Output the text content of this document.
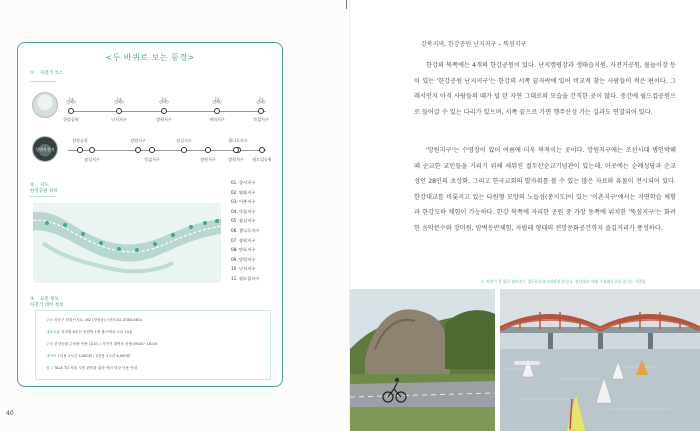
<두 바퀴로 보는 풍경>
① 자전거 코스
강변자전거
🚲
한강공원
🚲
난지지구
🚲
망원지구
🚲
여의지구
🚲
뚝섬지구
한강공원	잠원지구	잠실지구	광나루지구
잠실지구	뚝섬지구	잠원지구	망원지구 월드컵공원
② 지도
한강공원 위치
01. 강서지구
02. 양화지구
03. 이촌지구
04. 뚝섬지구
05. 잠실지구
06. 광나루지구
07. 잠원지구
08. 반포지구
09. 망원지구
10. 난지지구
11. 월드컵지구
③ 교통 정보
자전거 대여 정보
주소 마포구 한강난지로 162 (망원동) / 문의 02-3780-0611
대중교통 지하철 6호선 망원역 1번 출구에서 도보 15분
주차 한강공원 주차장 이용 (유료) / 자전거 대여소 운영 09:00~18:00
대여료 1인용 1시간 3,000원 / 2인용 1시간 6,000원
참고 TALK TO 서울 시민 편의를 위한 여러 한강 이용 안내
40
강북지역, 한강공원 난지지구 – 뚝섬지구

한강의 북쪽에는 4개의 한강공원이 있다. 난지캠핑장과 생태습지원, 자전거공원, 물놀이장 등이 있는 '한강공원 난지지구'는 한강의 서쪽 끝자락에 있어 비교적 찾는 사람들이 적은 편이다. 그래서인지 아직 사람들의 때가 덜 탄 자연 그대로의 모습을 간직한 곳이 많다. 중간에 월드컵공원으로 들어갈 수 있는 다리가 있으며, 서쪽 끝으로 가면 행주산성 가는 길과도 연결되어 있다.

'망원지구'는 수영장이 있어 여름에 더욱 북적이는 곳이다. 망원지구에는 조선시대 병인박해 때 순교한 교인들을 기리기 위해 세워진 절두산순교기념관이 있는데, 이곳에는 순례성당과 순교 성인 28인의 초상화, 그리고 한국교회의 발자취를 볼 수 있는 많은 자료와 유물이 전시되어 있다. 한강대교를 비롯지고 있는 타원형 모양의 노들섬(중지도)이 있는 '이촌지구'에서는 자연학습 체험과 한강도하 체험이 가능하다. 한강 북쪽에 자리한 공원 중 가장 동쪽에 위치한 '뚝섬지구'는 화려한 음악분수와 장미원, 암벽등반체험, 자벌레 형태의 전망문화공간까지 즐길거리가 풍성하다.

1. 자전거 길 위로 펼쳐지는 절두산순교기념관의 풍경 2. 성산대교 아래 수상레포츠를 즐기는 사람들
